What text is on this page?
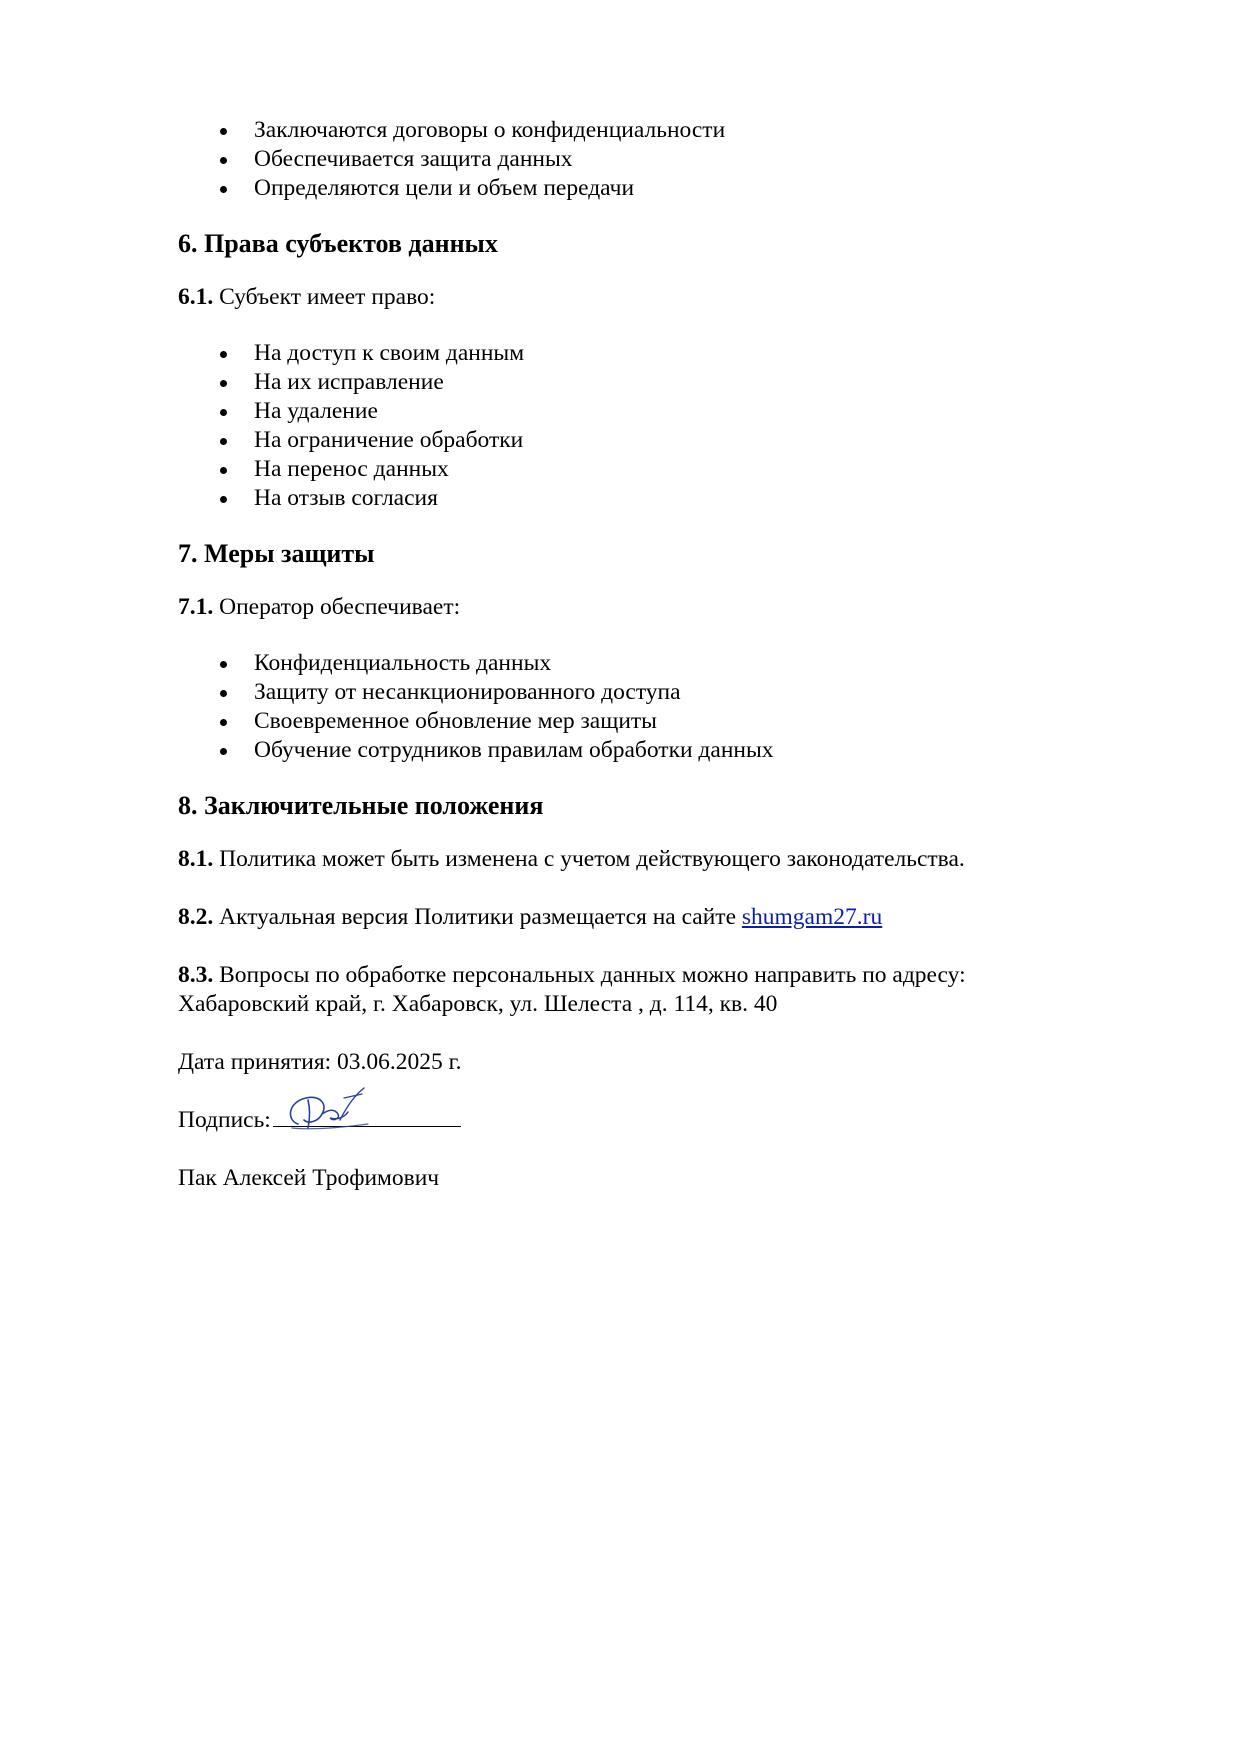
Заключаются договоры о конфиденциальности
Обеспечивается защита данных
Определяются цели и объем передачи
6. Права субъектов данных

6.1. Субъект имеет право:

На доступ к своим данным
На их исправление
На удаление
На ограничение обработки
На перенос данных
На отзыв согласия
7. Меры защиты

7.1. Оператор обеспечивает:

Конфиденциальность данных
Защиту от несанкционированного доступа
Своевременное обновление мер защиты
Обучение сотрудников правилам обработки данных
8. Заключительные положения

8.1. Политика может быть изменена с учетом действующего законодательства.

8.2. Актуальная версия Политики размещается на сайте shumgam27.ru

8.3. Вопросы по обработке персональных данных можно направить по адресу:

Хабаровский край, г. Хабаровск, ул. Шелеста , д. 114, кв. 40

Дата принятия: 03.06.2025 г.

Подпись:

Пак Алексей Трофимович
